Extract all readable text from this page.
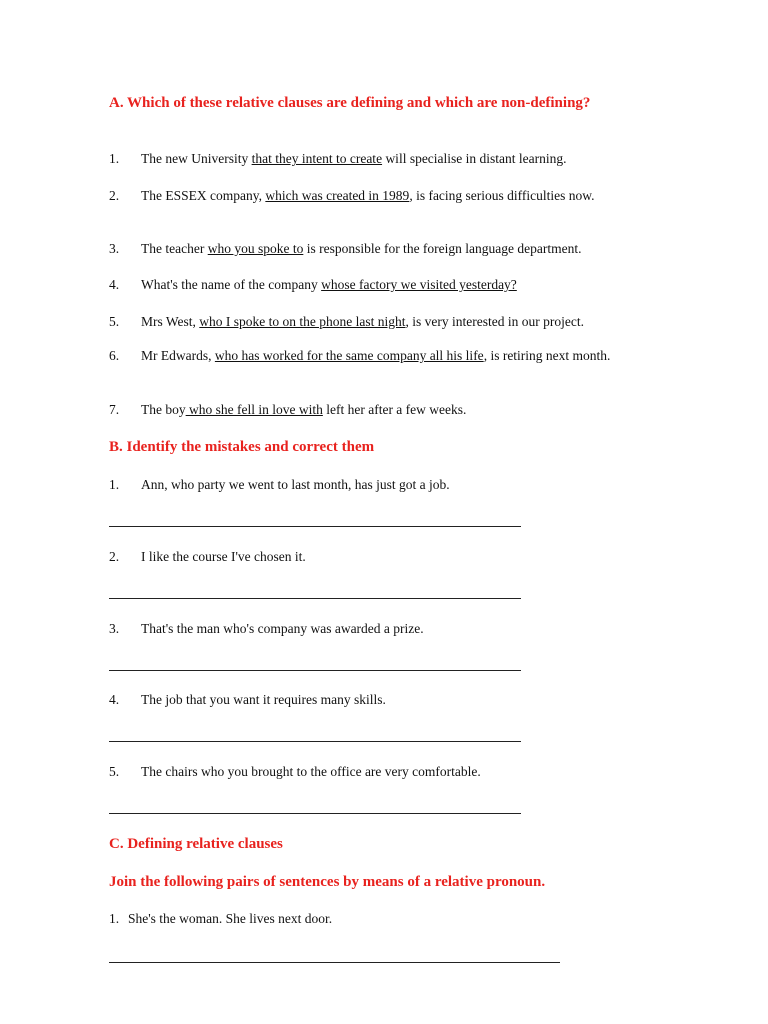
A. Which of these relative clauses are defining and which are non-defining?
1. The new University that they intent to create will specialise in distant learning.
2. The ESSEX company, which was created in 1989, is facing serious difficulties now.
3. The teacher who you spoke to is responsible for the foreign language department.
4. What's the name of the company whose factory we visited yesterday?
5. Mrs West, who I spoke to on the phone last night, is very interested in our project.
6. Mr Edwards, who has worked for the same company all his life, is retiring next month.
7. The boy who she fell in love with left her after a few weeks.
B. Identify the mistakes and correct them
1. Ann, who party we went to last month, has just got a job.
2. I like the course I've chosen it.
3. That's the man who's company was awarded a prize.
4. The job that you want it requires many skills.
5. The chairs who you brought to the office are very comfortable.
C. Defining relative clauses
Join the following pairs of sentences by means of a relative pronoun.
1. She's the woman. She lives next door.
